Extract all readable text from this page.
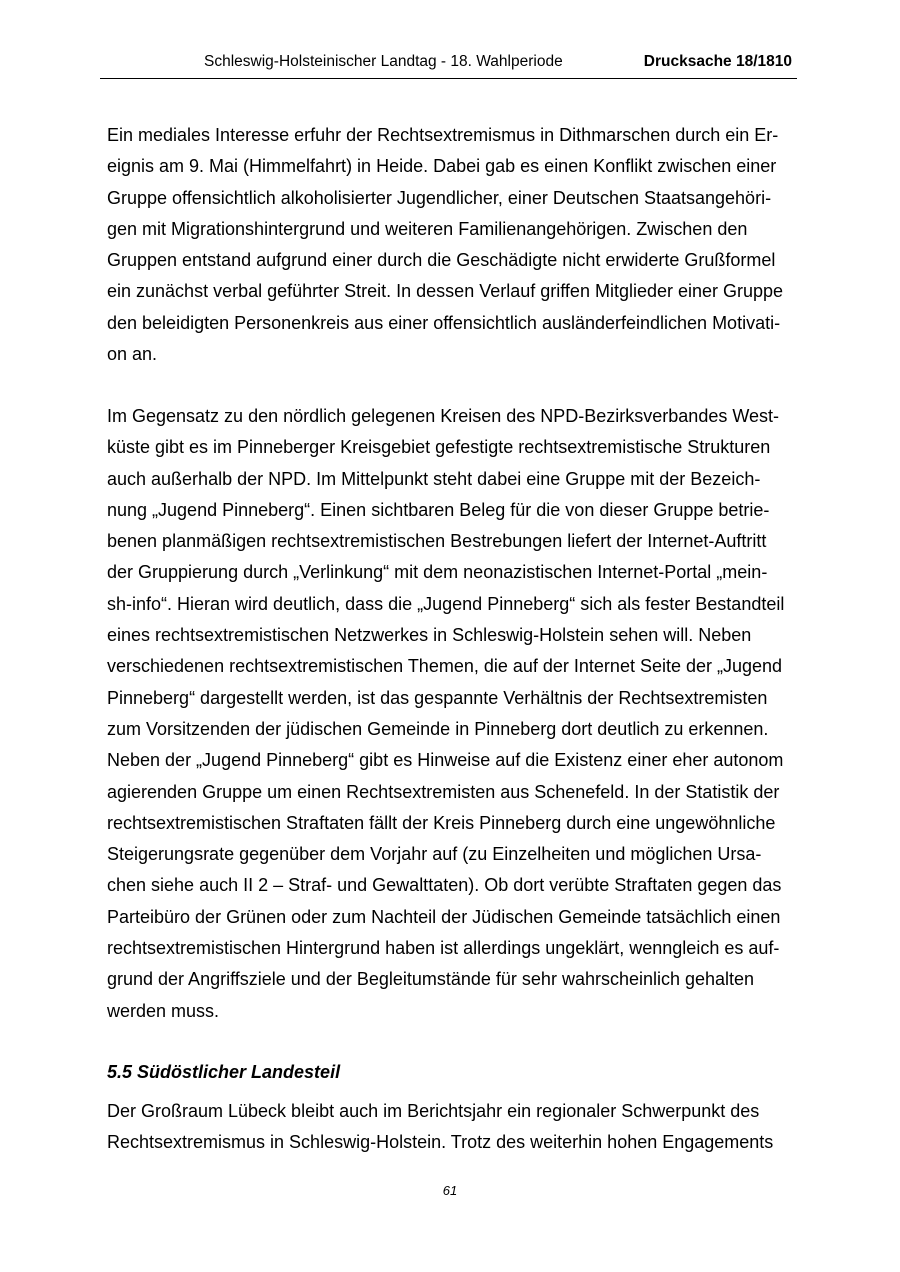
Schleswig-Holsteinischer Landtag - 18. Wahlperiode	Drucksache 18/1810

Ein mediales Interesse erfuhr der Rechtsextremismus in Dithmarschen durch ein Er-
eignis am 9. Mai (Himmelfahrt) in Heide. Dabei gab es einen Konflikt zwischen einer
Gruppe offensichtlich alkoholisierter Jugendlicher, einer Deutschen Staatsangehöri-
gen mit Migrationshintergrund und weiteren Familienangehörigen. Zwischen den
Gruppen entstand aufgrund einer durch die Geschädigte nicht erwiderte Grußformel
ein zunächst verbal geführter Streit. In dessen Verlauf griffen Mitglieder einer Gruppe
den beleidigten Personenkreis aus einer offensichtlich ausländerfeindlichen Motivati-
on an.

Im Gegensatz zu den nördlich gelegenen Kreisen des NPD-Bezirksverbandes West-
küste gibt es im Pinneberger Kreisgebiet gefestigte rechtsextremistische Strukturen
auch außerhalb der NPD. Im Mittelpunkt steht dabei eine Gruppe mit der Bezeich-
nung „Jugend Pinneberg“. Einen sichtbaren Beleg für die von dieser Gruppe betrie-
benen planmäßigen rechtsextremistischen Bestrebungen liefert der Internet-Auftritt
der Gruppierung durch „Verlinkung“ mit dem neonazistischen Internet-Portal „mein-
sh-info“. Hieran wird deutlich, dass die „Jugend Pinneberg“ sich als fester Bestandteil
eines rechtsextremistischen Netzwerkes in Schleswig-Holstein sehen will. Neben
verschiedenen rechtsextremistischen Themen, die auf der Internet Seite der „Jugend
Pinneberg“ dargestellt werden, ist das gespannte Verhältnis der Rechtsextremisten
zum Vorsitzenden der jüdischen Gemeinde in Pinneberg dort deutlich zu erkennen.
Neben der „Jugend Pinneberg“ gibt es Hinweise auf die Existenz einer eher autonom
agierenden Gruppe um einen Rechtsextremisten aus Schenefeld. In der Statistik der
rechtsextremistischen Straftaten fällt der Kreis Pinneberg durch eine ungewöhnliche
Steigerungsrate gegenüber dem Vorjahr auf (zu Einzelheiten und möglichen Ursa-
chen siehe auch II 2 – Straf- und Gewalttaten). Ob dort verübte Straftaten gegen das
Parteibüro der Grünen oder zum Nachteil der Jüdischen Gemeinde tatsächlich einen
rechtsextremistischen Hintergrund haben ist allerdings ungeklärt, wenngleich es auf-
grund der Angriffsziele und der Begleitumstände für sehr wahrscheinlich gehalten
werden muss.

5.5 Südöstlicher Landesteil

Der Großraum Lübeck bleibt auch im Berichtsjahr ein regionaler Schwerpunkt des
Rechtsextremismus in Schleswig-Holstein. Trotz des weiterhin hohen Engagements

61
